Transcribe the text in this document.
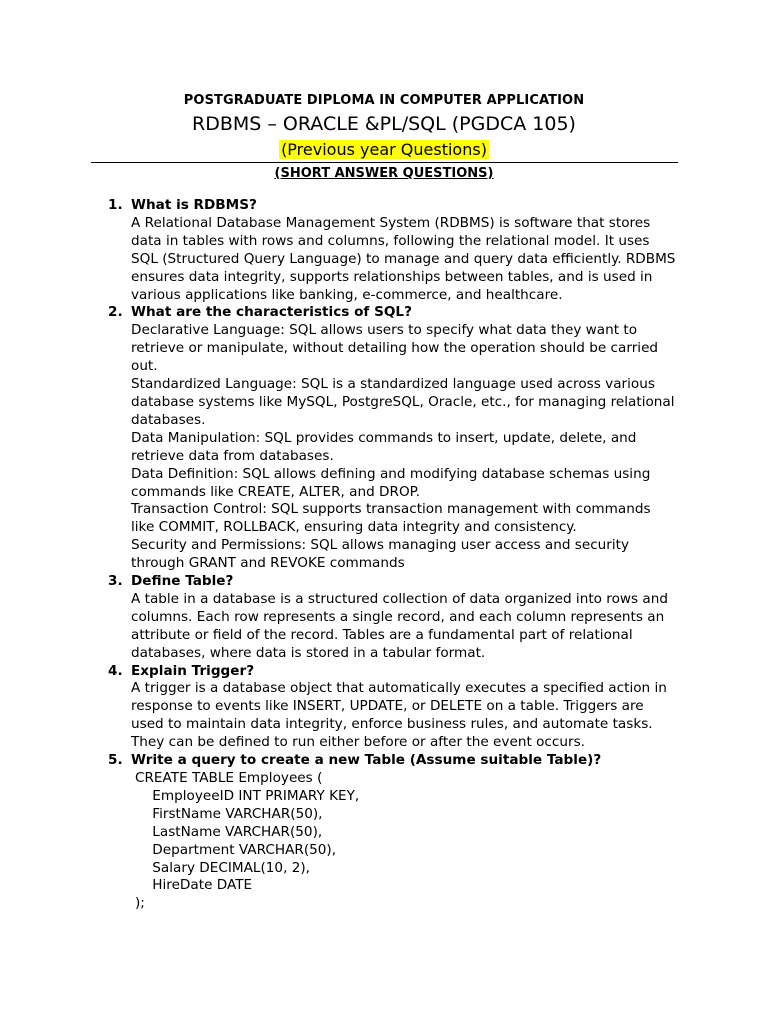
POSTGRADUATE DIPLOMA IN COMPUTER APPLICATION
RDBMS – ORACLE &PL/SQL (PGDCA 105)
(Previous year Questions)
(SHORT ANSWER QUESTIONS)
1. What is RDBMS?
A Relational Database Management System (RDBMS) is software that stores data in tables with rows and columns, following the relational model. It uses SQL (Structured Query Language) to manage and query data efficiently. RDBMS ensures data integrity, supports relationships between tables, and is used in various applications like banking, e-commerce, and healthcare.
2. What are the characteristics of SQL?
Declarative Language: SQL allows users to specify what data they want to retrieve or manipulate, without detailing how the operation should be carried out.
Standardized Language: SQL is a standardized language used across various database systems like MySQL, PostgreSQL, Oracle, etc., for managing relational databases.
Data Manipulation: SQL provides commands to insert, update, delete, and retrieve data from databases.
Data Definition: SQL allows defining and modifying database schemas using commands like CREATE, ALTER, and DROP.
Transaction Control: SQL supports transaction management with commands like COMMIT, ROLLBACK, ensuring data integrity and consistency.
Security and Permissions: SQL allows managing user access and security through GRANT and REVOKE commands
3. Define Table?
A table in a database is a structured collection of data organized into rows and columns. Each row represents a single record, and each column represents an attribute or field of the record. Tables are a fundamental part of relational databases, where data is stored in a tabular format.
4. Explain Trigger?
A trigger is a database object that automatically executes a specified action in response to events like INSERT, UPDATE, or DELETE on a table. Triggers are used to maintain data integrity, enforce business rules, and automate tasks. They can be defined to run either before or after the event occurs.
5. Write a query to create a new Table (Assume suitable Table)?
CREATE TABLE Employees (
EmployeeID INT PRIMARY KEY,
FirstName VARCHAR(50),
LastName VARCHAR(50),
Department VARCHAR(50),
Salary DECIMAL(10, 2),
HireDate DATE
);
